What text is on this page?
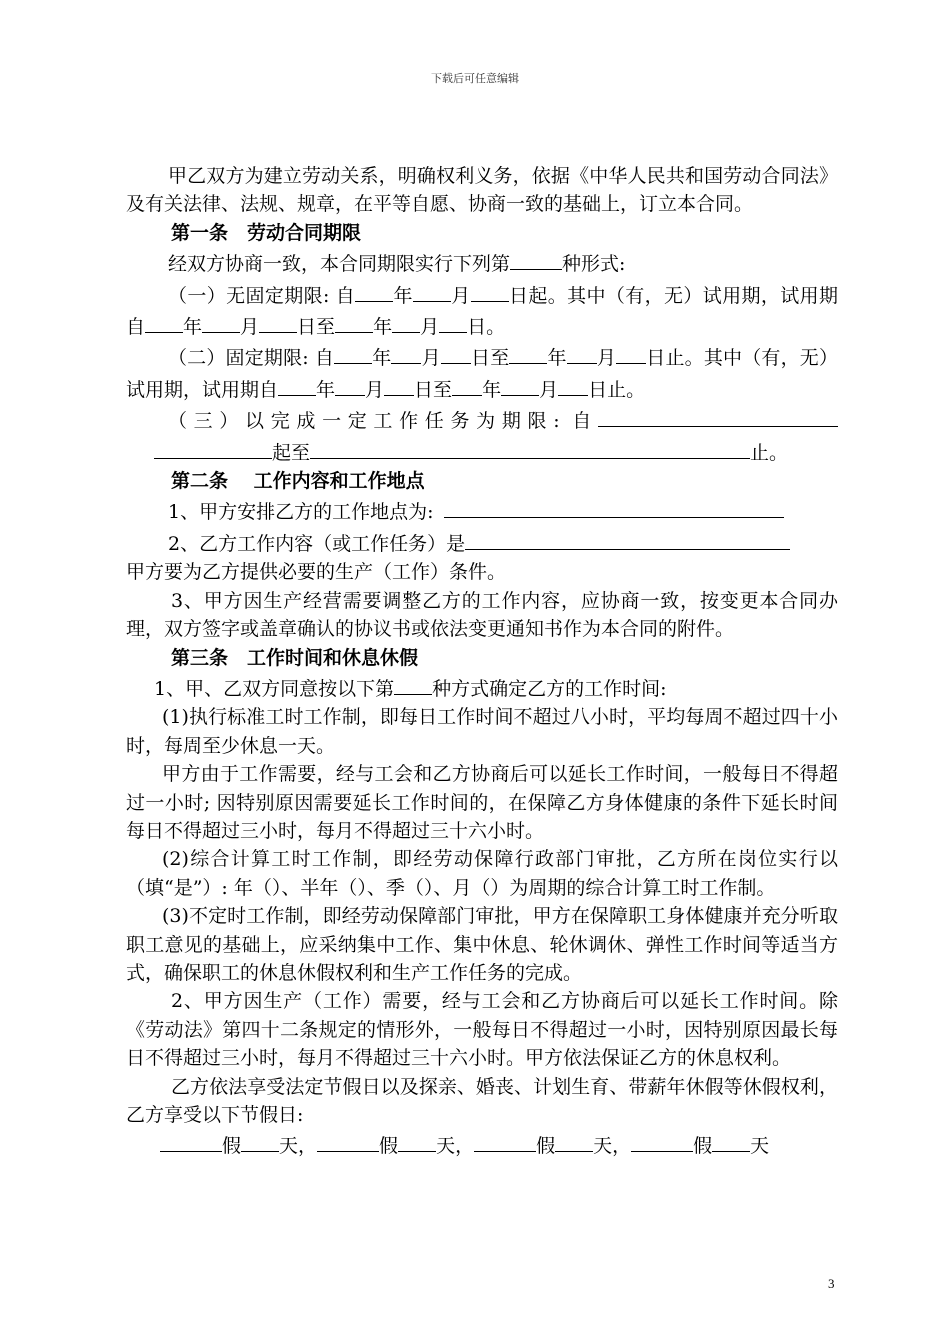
下载后可任意编辑

甲乙双方为建立劳动关系，明确权利义务，依据《中华人民共和国劳动合同法》及有关法律、法规、规章，在平等自愿、协商一致的基础上，订立本合同。

第一条　劳动合同期限

经双方协商一致，本合同期限实行下列第	种形式:

（一）无固定期限: 自 年 月 日起。其中（有，无）试用期，试用期自 年 月 日至 年 月 日。

（二）固定期限: 自 年 月 日至 年 月 日止。其中（有，无）试用期，试用期自 年 月 日至 年 月 日止。

（三）以完成一定工作任务为期限: 自起至	止。

第二条　 工作内容和工作地点

1、甲方安排乙方的工作地点为:

2、乙方工作内容（或工作任务）是

甲方要为乙方提供必要的生产（工作）条件。

3、甲方因生产经营需要调整乙方的工作内容，应协商一致，按变更本合同办理，双方签字或盖章确认的协议书或依法变更通知书作为本合同的附件。

第三条　工作时间和休息休假

1、甲、乙双方同意按以下第 种方式确定乙方的工作时间:

(1)执行标准工时工作制，即每日工作时间不超过八小时，平均每周不超过四十小时，每周至少休息一天。

甲方由于工作需要，经与工会和乙方协商后可以延长工作时间，一般每日不得超过一小时; 因特别原因需要延长工作时间的，在保障乙方身体健康的条件下延长时间每日不得超过三小时，每月不得超过三十六小时。

(2)综合计算工时工作制，即经劳动保障行政部门审批，乙方所在岗位实行以（填“是”）: 年（）、半年（）、季（）、月（）为周期的综合计算工时工作制。

(3)不定时工作制，即经劳动保障部门审批，甲方在保障职工身体健康并充分听取职工意见的基础上，应采纳集中工作、集中休息、轮休调休、弹性工作时间等适当方式，确保职工的休息休假权利和生产工作任务的完成。

2、甲方因生产（工作）需要，经与工会和乙方协商后可以延长工作时间。除《劳动法》第四十二条规定的情形外，一般每日不得超过一小时，因特别原因最长每日不得超过三小时，每月不得超过三十六小时。甲方依法保证乙方的休息权利。

乙方依法享受法定节假日以及探亲、婚丧、计划生育、带薪年休假等休假权利，乙方享受以下节假日:

假 天，	假 天，	假 天，	假 天

3
